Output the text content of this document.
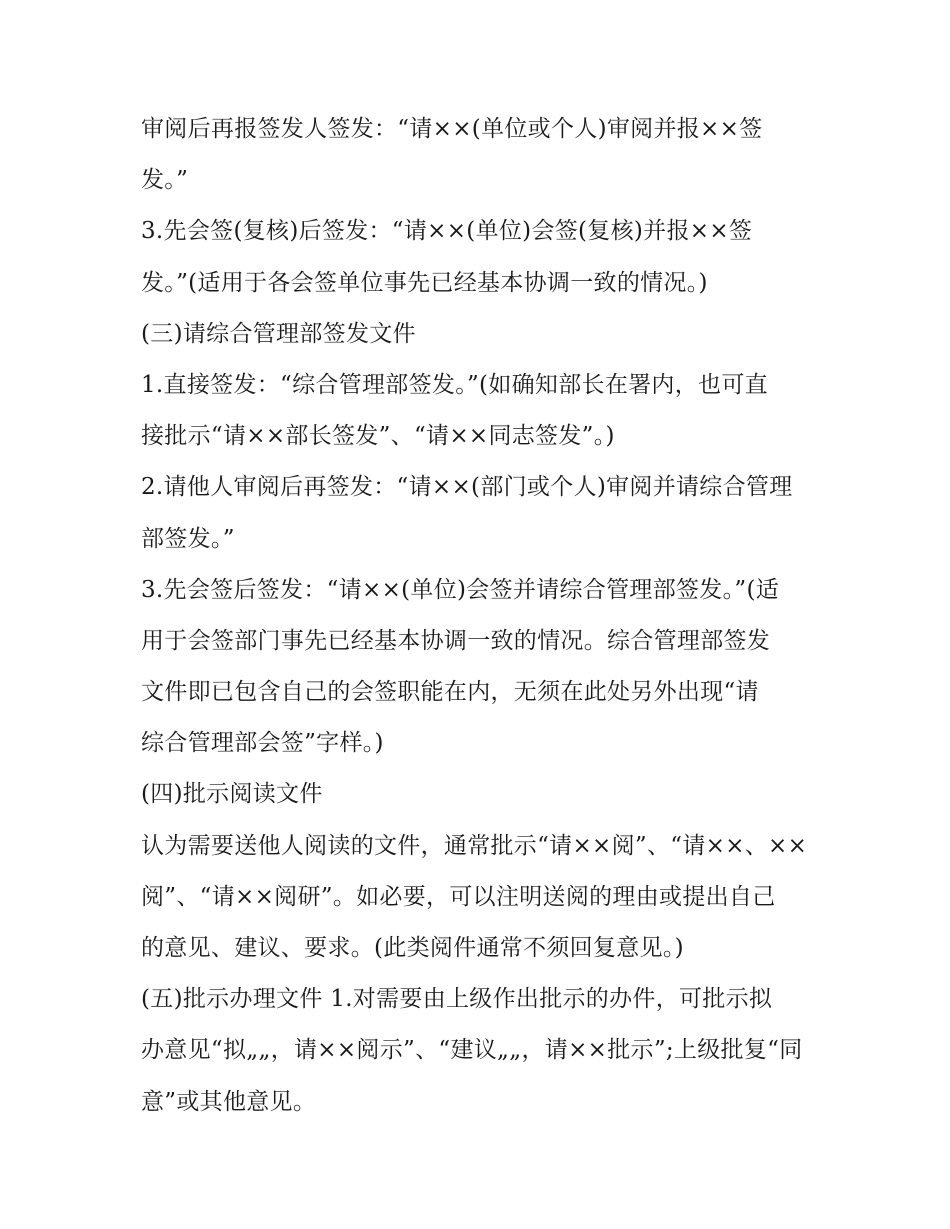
审阅后再报签发人签发：“请××(单位或个人)审阅并报××签
发。”
3.先会签(复核)后签发：“请××(单位)会签(复核)并报××签
发。”(适用于各会签单位事先已经基本协调一致的情况。)
(三)请综合管理部签发文件
1.直接签发：“综合管理部签发。”(如确知部长在署内，也可直
接批示“请××部长签发”、“请××同志签发”。)
2.请他人审阅后再签发：“请××(部门或个人)审阅并请综合管理
部签发。”
3.先会签后签发：“请××(单位)会签并请综合管理部签发。”(适
用于会签部门事先已经基本协调一致的情况。综合管理部签发
文件即已包含自己的会签职能在内，无须在此处另外出现“请
综合管理部会签”字样。)
(四)批示阅读文件
认为需要送他人阅读的文件，通常批示“请××阅”、“请××、××
阅”、“请××阅研”。如必要，可以注明送阅的理由或提出自己
的意见、建议、要求。(此类阅件通常不须回复意见。)
(五)批示办理文件 1.对需要由上级作出批示的办件，可批示拟
办意见“拟„„，请××阅示”、“建议„„，请××批示”;上级批复“同
意”或其他意见。
